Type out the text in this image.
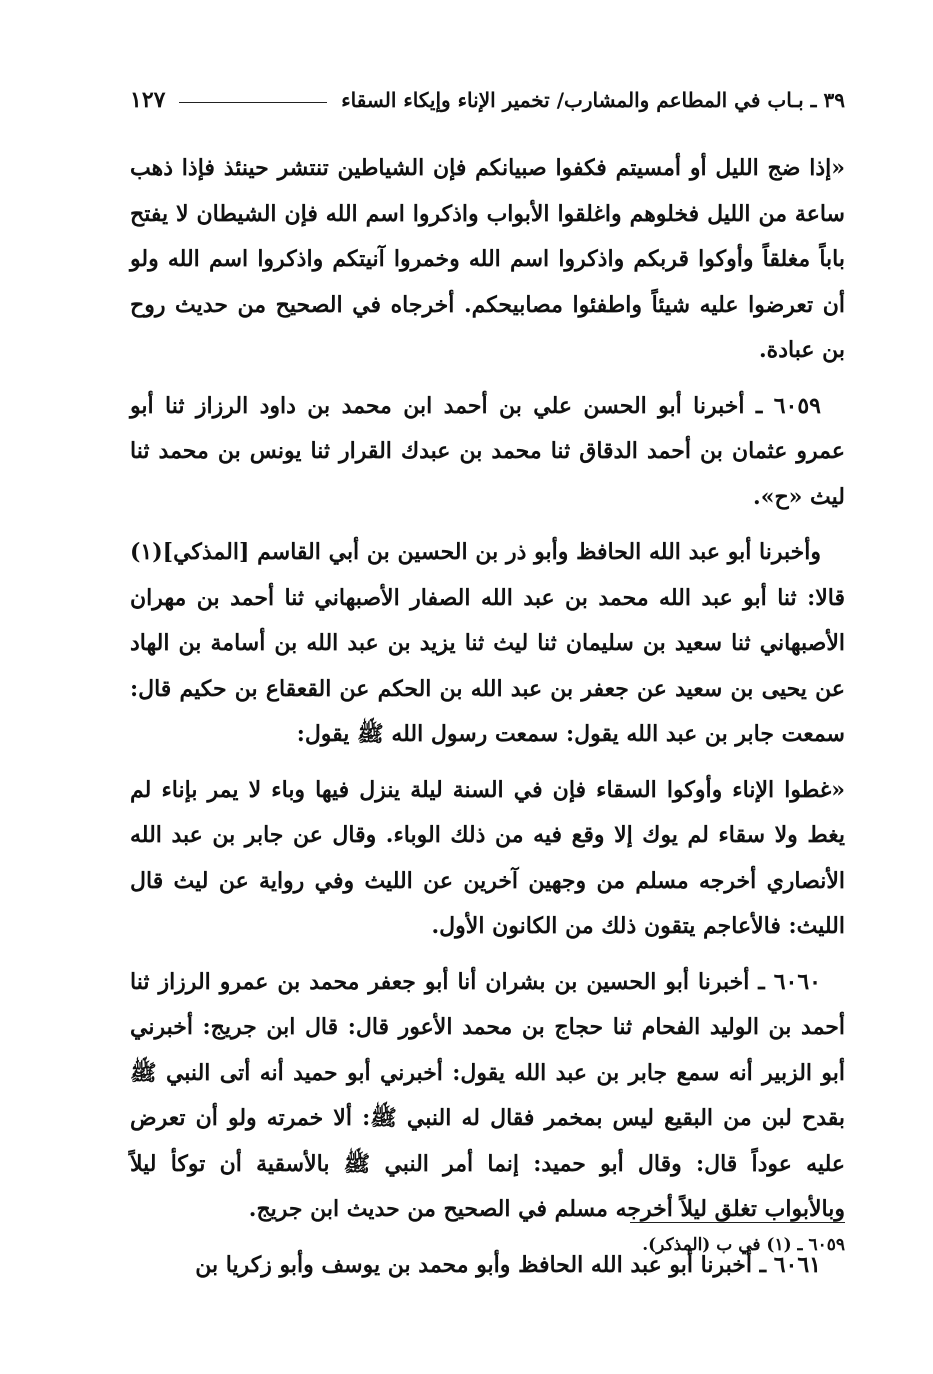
٣٩ ـ بـاب في المطاعم والمشارب/ تخمير الإناء وإيكاء السقاء
١٢٧

«إذا ضج الليل أو أمسيتم فكفوا صبيانكم فإن الشياطين تنتشر حينئذ فإذا ذهب ساعة من الليل فخلوهم واغلقوا الأبواب واذكروا اسم الله فإن الشيطان لا يفتح باباً مغلقاً وأوكوا قربكم واذكروا اسم الله وخمروا آنيتكم واذكروا اسم الله ولو أن تعرضوا عليه شيئاً واطفئوا مصابيحكم. أخرجاه في الصحيح من حديث روح بن عبادة.

٦٠٥٩ ـ أخبرنا أبو الحسن علي بن أحمد ابن محمد بن داود الرزاز ثنا أبو عمرو عثمان بن أحمد الدقاق ثنا محمد بن عبدك القرار ثنا يونس بن محمد ثنا ليث «ح».

وأخبرنا أبو عبد الله الحافظ وأبو ذر بن الحسين بن أبي القاسم [المذكي](١) قالا: ثنا أبو عبد الله محمد بن عبد الله الصفار الأصبهاني ثنا أحمد بن مهران الأصبهاني ثنا سعيد بن سليمان ثنا ليث ثنا يزيد بن عبد الله بن أسامة بن الهاد عن يحيى بن سعيد عن جعفر بن عبد الله بن الحكم عن القعقاع بن حكيم قال: سمعت جابر بن عبد الله يقول: سمعت رسول الله ﷺ يقول:

«غطوا الإناء وأوكوا السقاء فإن في السنة ليلة ينزل فيها وباء لا يمر بإناء لم يغط ولا سقاء لم يوك إلا وقع فيه من ذلك الوباء. وقال عن جابر بن عبد الله الأنصاري أخرجه مسلم من وجهين آخرين عن الليث وفي رواية عن ليث قال الليث: فالأعاجم يتقون ذلك من الكانون الأول.

٦٠٦٠ ـ أخبرنا أبو الحسين بن بشران أنا أبو جعفر محمد بن عمرو الرزاز ثنا أحمد بن الوليد الفحام ثنا حجاج بن محمد الأعور قال: قال ابن جريج: أخبرني أبو الزبير أنه سمع جابر بن عبد الله يقول: أخبرني أبو حميد أنه أتى النبي ﷺ بقدح لبن من البقيع ليس بمخمر فقال له النبي ﷺ: ألا خمرته ولو أن تعرض عليه عوداً قال: وقال أبو حميد: إنما أمر النبي ﷺ بالأسقية أن توكأ ليلاً وبالأبواب تغلق ليلاً أخرجه مسلم في الصحيح من حديث ابن جريج.

٦٠٦١ ـ أخبرنا أبو عبد الله الحافظ وأبو محمد بن يوسف وأبو زكريا بن

٦٠٥٩ ـ (١) في ب (المذكر).
